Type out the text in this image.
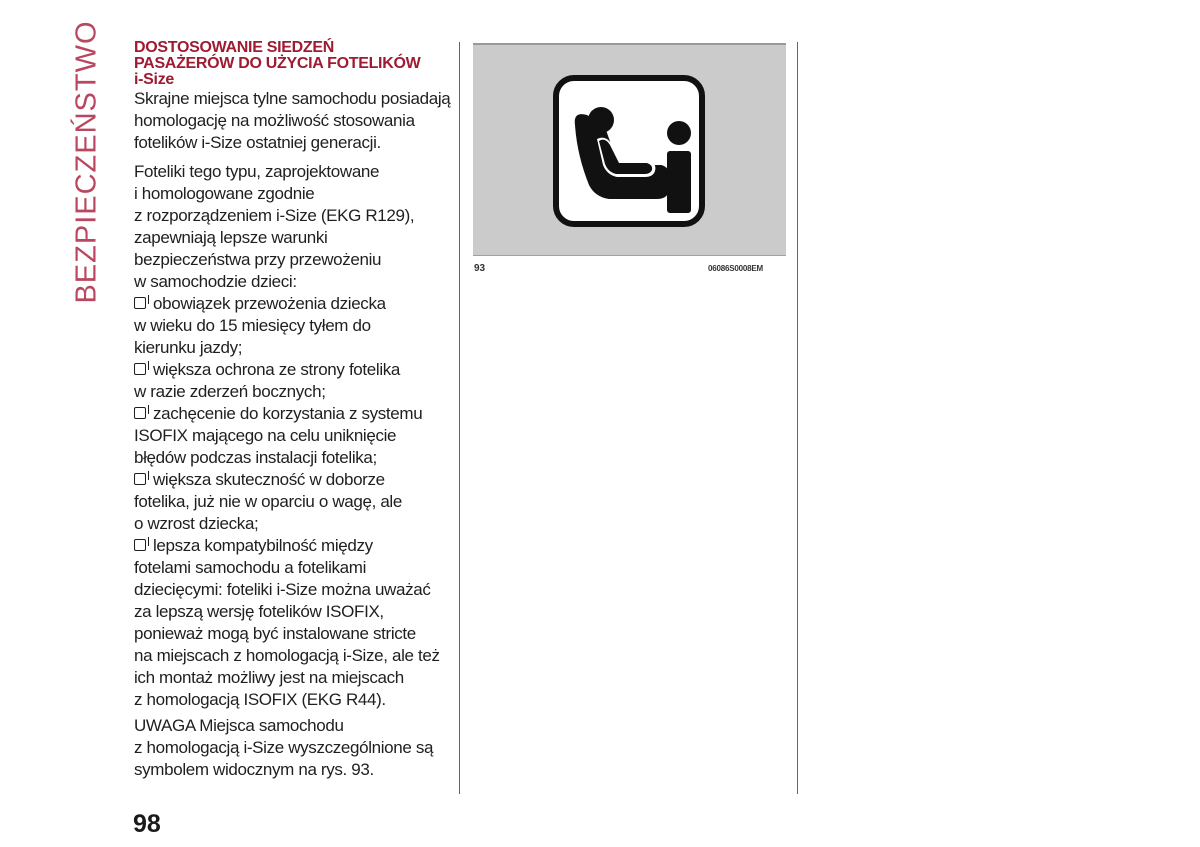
BEZPIECZEŃSTWO DOSTOSOWANIE SIEDZEŃ
PASAŻERÓW DO UŻYCIA FOTELIKÓW
i-Size
Skrajne miejsca tylne samochodu posiadają
homologację na możliwość stosowania
fotelików i-Size ostatniej generacji.
Foteliki tego typu, zaprojektowane
i homologowane zgodnie
z rozporządzeniem i-Size (EKG R129),
zapewniają lepsze warunki
bezpieczeństwa przy przewożeniu
w samochodzie dzieci:
obowiązek przewożenia dziecka
w wieku do 15 miesięcy tyłem do
kierunku jazdy;
większa ochrona ze strony fotelika
w razie zderzeń bocznych;
zachęcenie do korzystania z systemu
ISOFIX mającego na celu uniknięcie
błędów podczas instalacji fotelika;
większa skuteczność w doborze
fotelika, już nie w oparciu o wagę, ale
o wzrost dziecka;
lepsza kompatybilność między
fotelami samochodu a fotelikami
dziecięcymi: foteliki i-Size można uważać
za lepszą wersję fotelików ISOFIX,
ponieważ mogą być instalowane stricte
na miejscach z homologacją i-Size, ale też
ich montaż możliwy jest na miejscach
z homologacją ISOFIX (EKG R44).
UWAGA Miejsca samochodu
z homologacją i-Size wyszczególnione są
symbolem widocznym na rys. 93.
93	06086S0008EM
98
